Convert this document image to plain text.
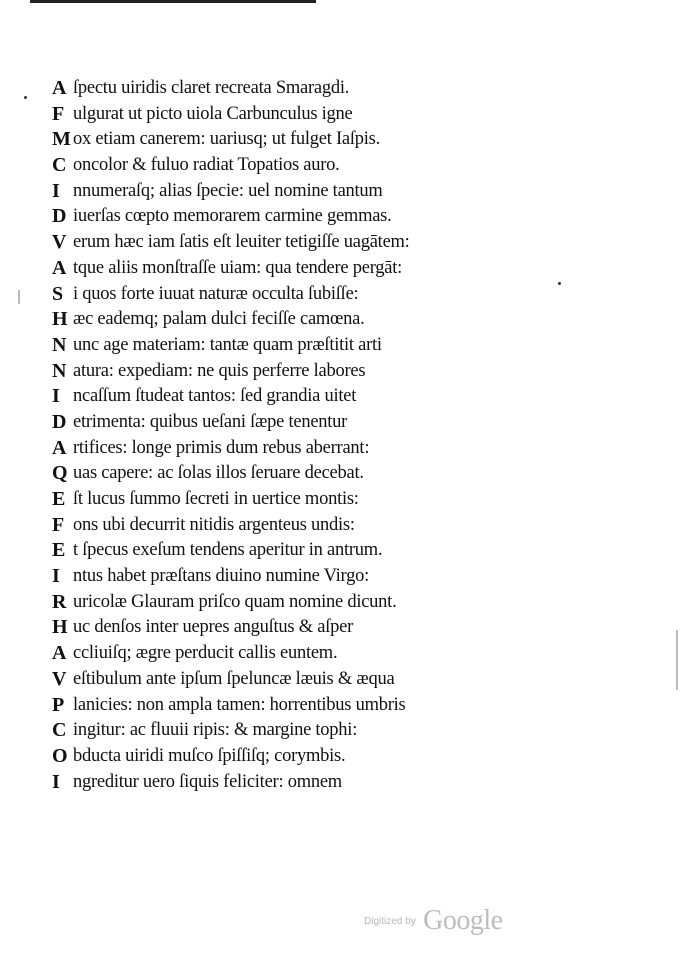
A ſpectu uiridis claret recreata Smaragdi.
F ulgurat ut picto uiola Carbunculus igne
M ox etiam canerem: uariusq; ut fulget Iaſpis.
C oncolor & fuluo radiat Topatios auro.
I nnumeraſq; alias ſpecie: uel nomine tantum
D iuerſas cœpto memorarem carmine gemmas.
V erum hæc iam ſatis eſt leuiter tetigiſſe uagātem:
A tque aliis monſtraſſe uiam: qua tendere pergāt:
S i quos forte iuuat naturæ occulta ſubiſſe:
H æc eademq; palam dulci feciſſe camœna.
N unc age materiam: tantæ quam præſtitit arti
N atura: expediam: ne quis perferre labores
I ncaſſum ſtudeat tantos: ſed grandia uitet
D etrimenta: quibus ueſani ſæpe tenentur
A rtifices: longe primis dum rebus aberrant:
Q uas capere: ac ſolas illos ſeruare decebat.
E ſt lucus ſummo ſecreti in uertice montis:
F ons ubi decurrit nitidis argenteus undis:
E t ſpecus exeſum tendens aperitur in antrum.
I ntus habet præſtans diuino numine Virgo:
R uricolæ Glauram priſco quam nomine dicunt.
H uc denſos inter uepres anguſtus & aſper
A ccliuiſq; ægre perducit callis euntem.
V eſtibulum ante ipſum ſpeluncæ læuis & æqua
P lanicies: non ampla tamen: horrentibus umbris
C ingitur: ac fluuii ripis: & margine tophi:
O bducta uiridi muſco ſpiſſiſq; corymbis.
I ngreditur uero ſiquis feliciter: omnem
Digitized by Google
